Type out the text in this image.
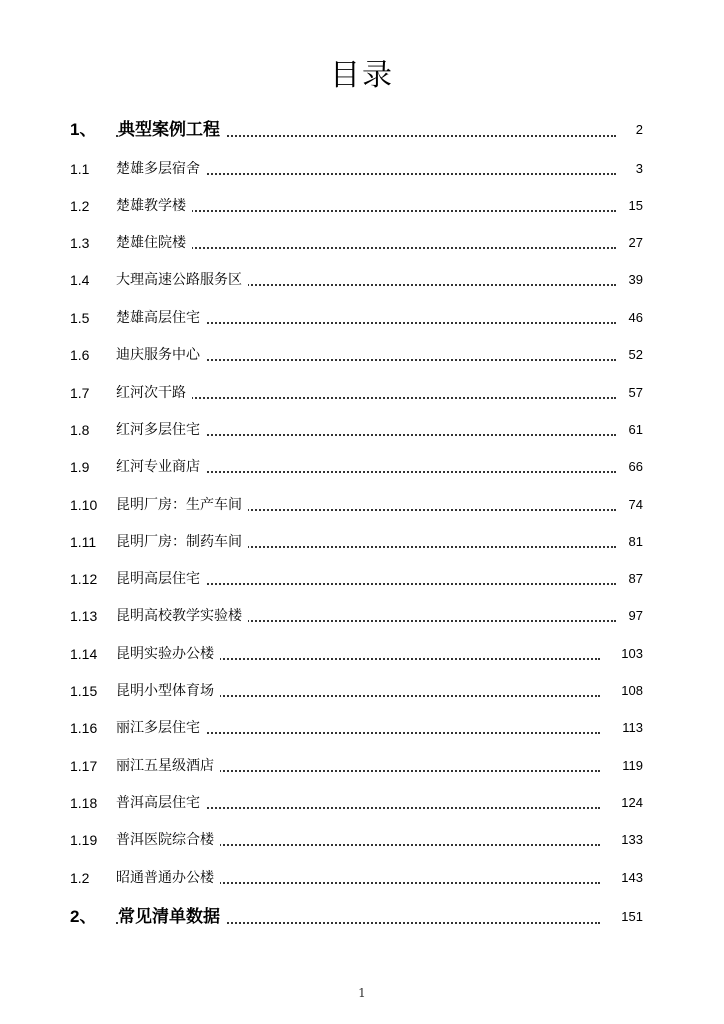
目录
1、 典型案例工程	2
1.1 楚雄多层宿舍	3
1.2 楚雄教学楼	15
1.3 楚雄住院楼	27
1.4 大理高速公路服务区	39
1.5 楚雄高层住宅	46
1.6 迪庆服务中心	52
1.7 红河次干路	57
1.8 红河多层住宅	61
1.9 红河专业商店	66
1.10 昆明厂房：生产车间	74
1.11 昆明厂房：制药车间	81
1.12 昆明高层住宅	87
1.13 昆明高校教学实验楼	97
1.14 昆明实验办公楼	103
1.15 昆明小型体育场	108
1.16 丽江多层住宅	113
1.17 丽江五星级酒店	119
1.18 普洱高层住宅	124
1.19 普洱医院综合楼	133
1.2 昭通普通办公楼	143
2、 常见清单数据	151
1
